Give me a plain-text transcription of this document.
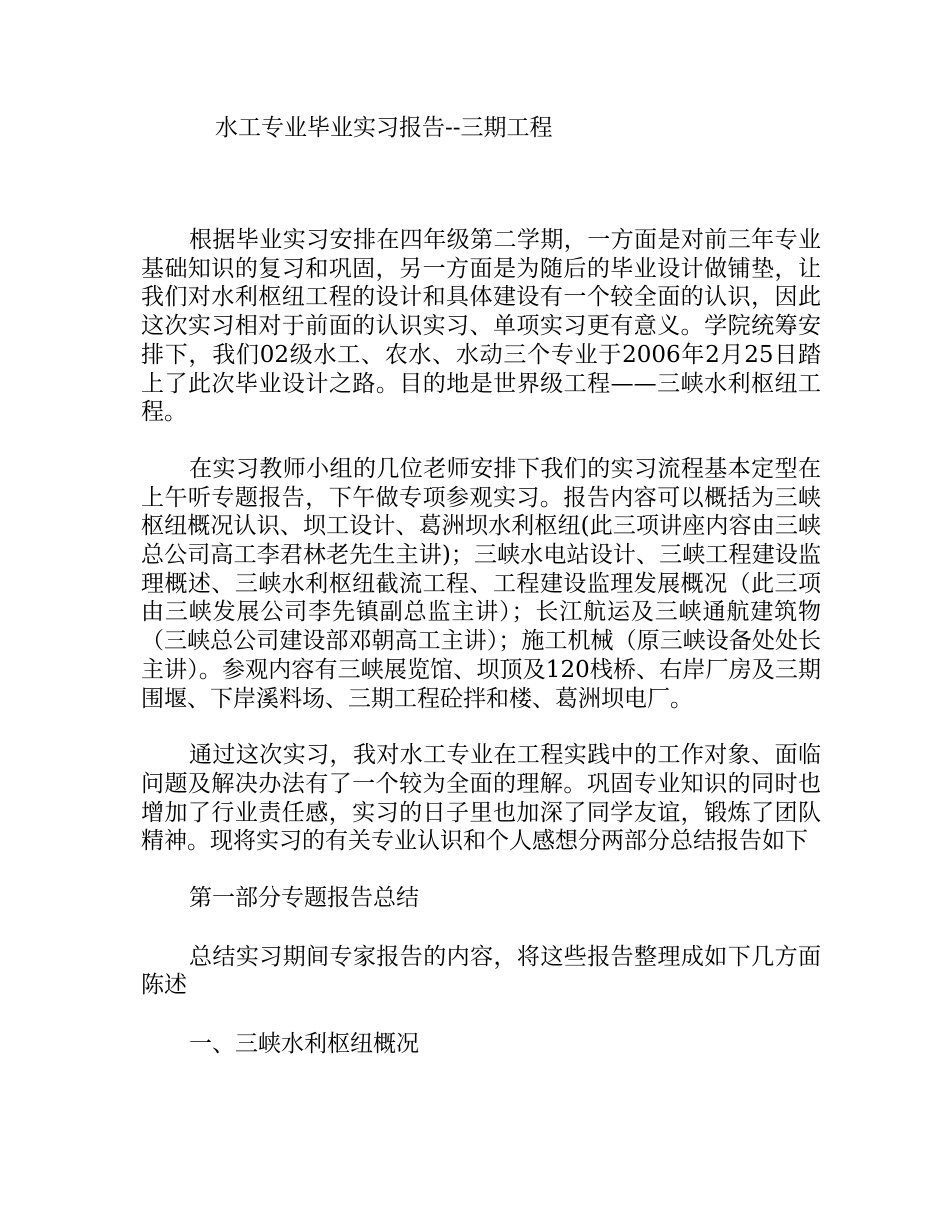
水工专业毕业实习报告--三期工程

根据毕业实习安排在四年级第二学期，一方面是对前三年专业基础知识的复习和巩固，另一方面是为随后的毕业设计做铺垫，让我们对水利枢纽工程的设计和具体建设有一个较全面的认识，因此这次实习相对于前面的认识实习、单项实习更有意义。学院统筹安排下，我们02级水工、农水、水动三个专业于2006年2月25日踏上了此次毕业设计之路。目的地是世界级工程——三峡水利枢纽工程。

在实习教师小组的几位老师安排下我们的实习流程基本定型在上午听专题报告，下午做专项参观实习。报告内容可以概括为三峡枢纽概况认识、坝工设计、葛洲坝水利枢纽(此三项讲座内容由三峡总公司高工李君林老先生主讲)；三峡水电站设计、三峡工程建设监理概述、三峡水利枢纽截流工程、工程建设监理发展概况（此三项由三峡发展公司李先镇副总监主讲）；长江航运及三峡通航建筑物（三峡总公司建设部邓朝高工主讲）；施工机械（原三峡设备处处长主讲）。参观内容有三峡展览馆、坝顶及120栈桥、右岸厂房及三期围堰、下岸溪料场、三期工程砼拌和楼、葛洲坝电厂。

通过这次实习，我对水工专业在工程实践中的工作对象、面临问题及解决办法有了一个较为全面的理解。巩固专业知识的同时也增加了行业责任感，实习的日子里也加深了同学友谊，锻炼了团队精神。现将实习的有关专业认识和个人感想分两部分总结报告如下

第一部分专题报告总结

总结实习期间专家报告的内容，将这些报告整理成如下几方面陈述

一、三峡水利枢纽概况
